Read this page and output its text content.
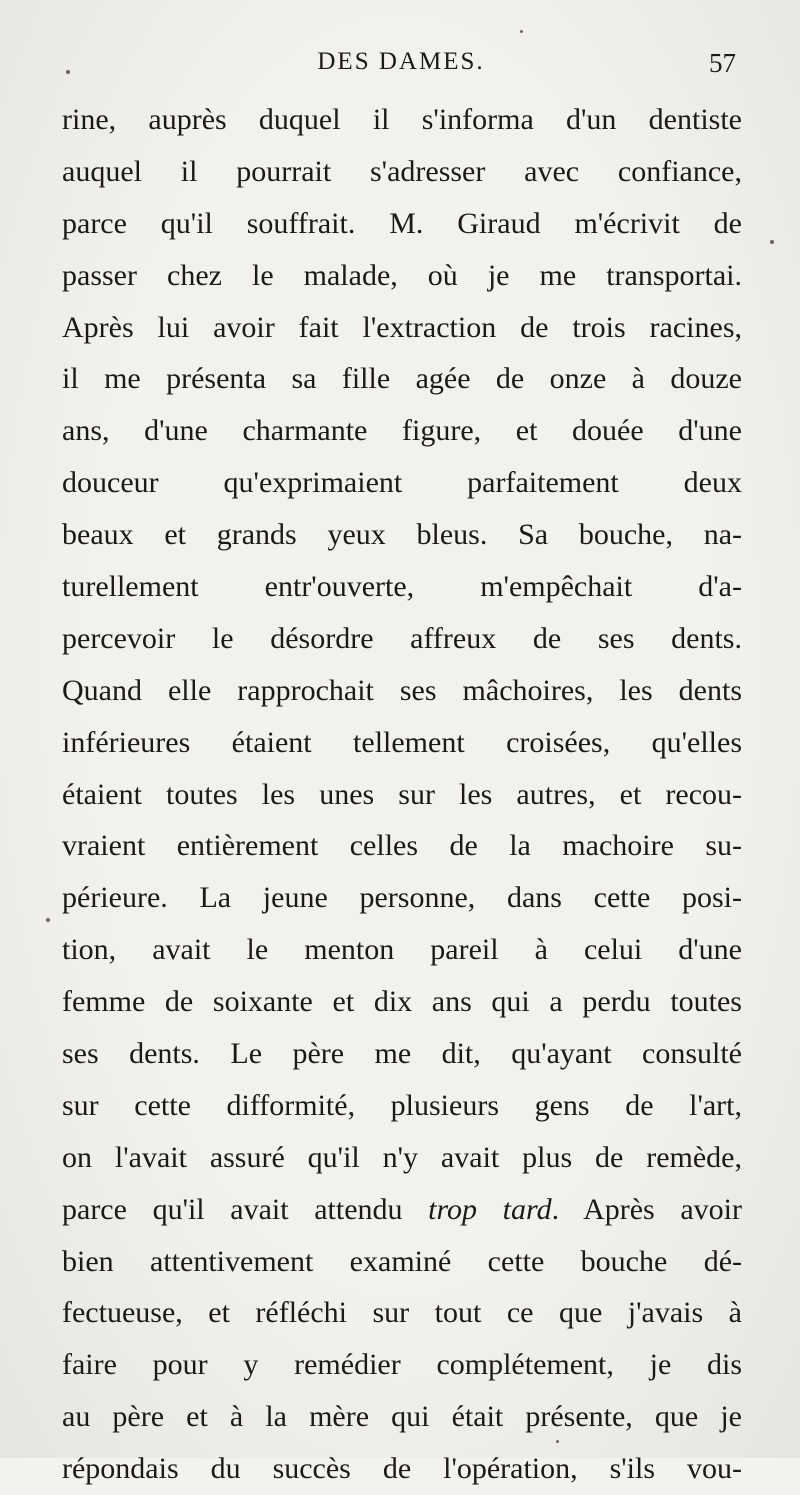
DES DAMES.	57
rine, auprès duquel il s'informa d'un dentiste
auquel il pourrait s'adresser avec confiance,
parce qu'il souffrait. M. Giraud m'écrivit de
passer chez le malade, où je me transportai.
Après lui avoir fait l'extraction de trois racines,
il me présenta sa fille agée de onze à douze
ans, d'une charmante figure, et douée d'une
douceur qu'exprimaient parfaitement deux
beaux et grands yeux bleus. Sa bouche, na-
turellement entr'ouverte, m'empêchait d'a-
percevoir le désordre affreux de ses dents.
Quand elle rapprochait ses mâchoires, les dents
inférieures étaient tellement croisées, qu'elles
étaient toutes les unes sur les autres, et recou-
vraient entièrement celles de la machoire su-
périeure. La jeune personne, dans cette posi-
tion, avait le menton pareil à celui d'une
femme de soixante et dix ans qui a perdu toutes
ses dents. Le père me dit, qu'ayant consulté
sur cette difformité, plusieurs gens de l'art,
on l'avait assuré qu'il n'y avait plus de remède,
parce qu'il avait attendu trop tard. Après avoir
bien attentivement examiné cette bouche dé-
fectueuse, et réfléchi sur tout ce que j'avais à
faire pour y remédier complétement, je dis
au père et à la mère qui était présente, que je
répondais du succès de l'opération, s'ils vou-
